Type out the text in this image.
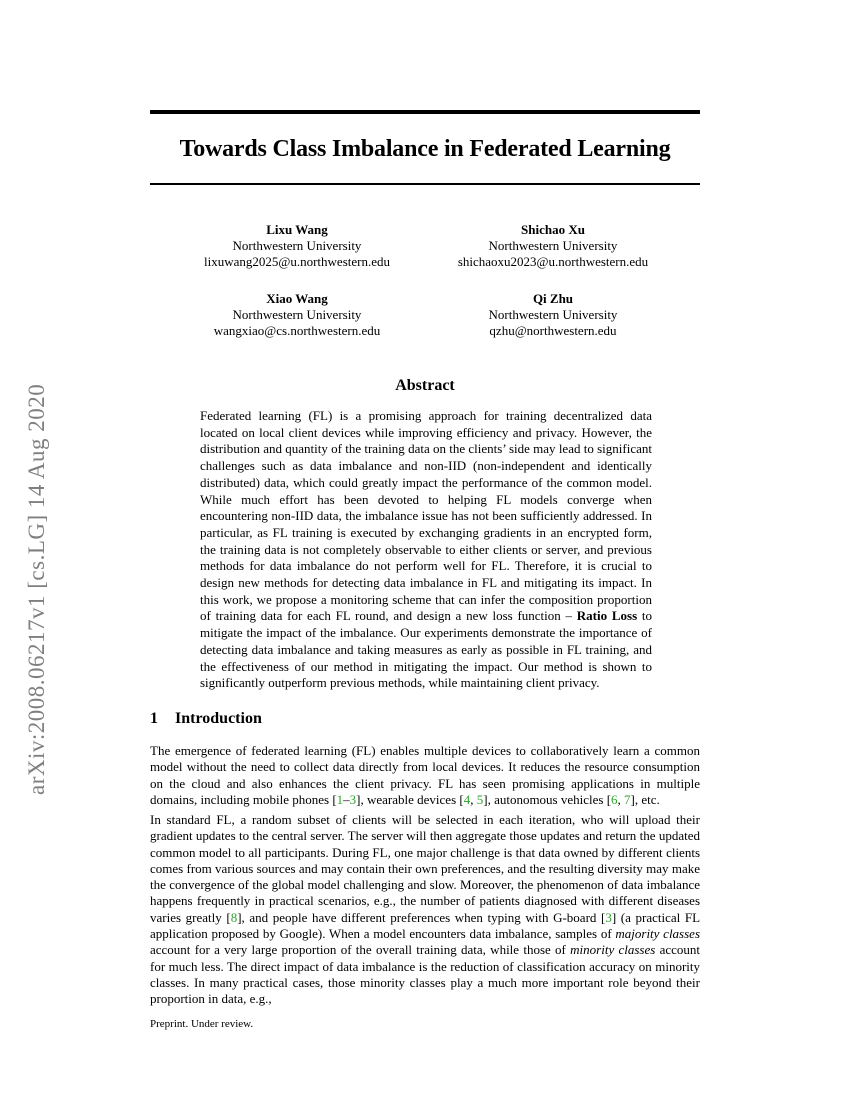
Towards Class Imbalance in Federated Learning
arXiv:2008.06217v1 [cs.LG] 14 Aug 2020
Lixu Wang
Northwestern University
lixuwang2025@u.northwestern.edu
Shichao Xu
Northwestern University
shichaoxu2023@u.northwestern.edu
Xiao Wang
Northwestern University
wangxiao@cs.northwestern.edu
Qi Zhu
Northwestern University
qzhu@northwestern.edu
Abstract
Federated learning (FL) is a promising approach for training decentralized data located on local client devices while improving efficiency and privacy. However, the distribution and quantity of the training data on the clients’ side may lead to significant challenges such as data imbalance and non-IID (non-independent and identically distributed) data, which could greatly impact the performance of the common model. While much effort has been devoted to helping FL models converge when encountering non-IID data, the imbalance issue has not been sufficiently addressed. In particular, as FL training is executed by exchanging gradients in an encrypted form, the training data is not completely observable to either clients or server, and previous methods for data imbalance do not perform well for FL. Therefore, it is crucial to design new methods for detecting data imbalance in FL and mitigating its impact. In this work, we propose a monitoring scheme that can infer the composition proportion of training data for each FL round, and design a new loss function – Ratio Loss to mitigate the impact of the imbalance. Our experiments demonstrate the importance of detecting data imbalance and taking measures as early as possible in FL training, and the effectiveness of our method in mitigating the impact. Our method is shown to significantly outperform previous methods, while maintaining client privacy.
1 Introduction
The emergence of federated learning (FL) enables multiple devices to collaboratively learn a common model without the need to collect data directly from local devices. It reduces the resource consumption on the cloud and also enhances the client privacy. FL has seen promising applications in multiple domains, including mobile phones [1–3], wearable devices [4, 5], autonomous vehicles [6, 7], etc.
In standard FL, a random subset of clients will be selected in each iteration, who will upload their gradient updates to the central server. The server will then aggregate those updates and return the updated common model to all participants. During FL, one major challenge is that data owned by different clients comes from various sources and may contain their own preferences, and the resulting diversity may make the convergence of the global model challenging and slow. Moreover, the phenomenon of data imbalance happens frequently in practical scenarios, e.g., the number of patients diagnosed with different diseases varies greatly [8], and people have different preferences when typing with G-board [3] (a practical FL application proposed by Google). When a model encounters data imbalance, samples of majority classes account for a very large proportion of the overall training data, while those of minority classes account for much less. The direct impact of data imbalance is the reduction of classification accuracy on minority classes. In many practical cases, those minority classes play a much more important role beyond their proportion in data, e.g.,
Preprint. Under review.
